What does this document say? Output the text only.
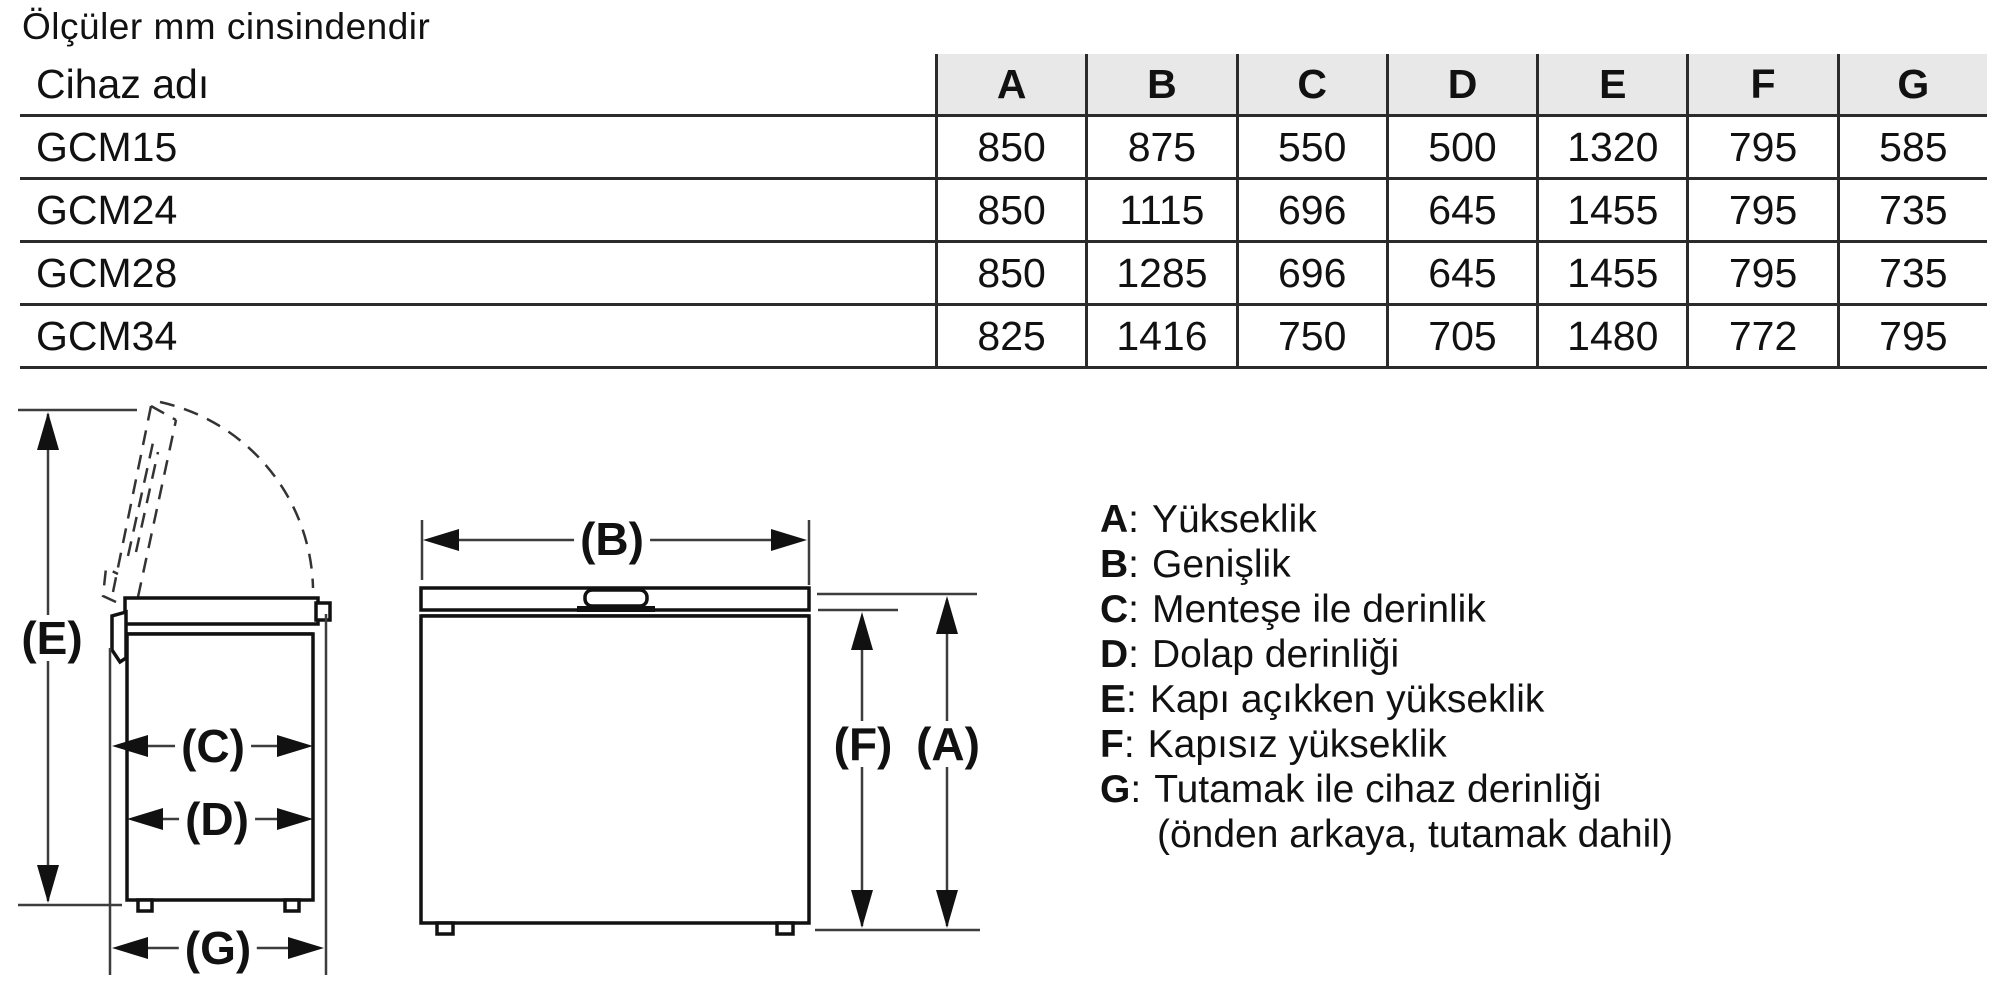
Ölçüler mm cinsindendir
Cihaz adı	A	B	C	D	E	F	G
GCM15	850	875	550	500	1320	795	585
GCM24	850	1115	696	645	1455	795	735
GCM28	850	1285	696	645	1455	795	735
GCM34	825	1416	750	705	1480	772	795
(E)
(C)
(D)
(G)
(B)
(F) (A)
A: Yükseklik
B: Genişlik
C: Menteşe ile derinlik
D: Dolap derinliği
E: Kapı açıkken yükseklik
F: Kapısız yükseklik
G: Tutamak ile cihaz derinliği
(önden arkaya, tutamak dahil)
